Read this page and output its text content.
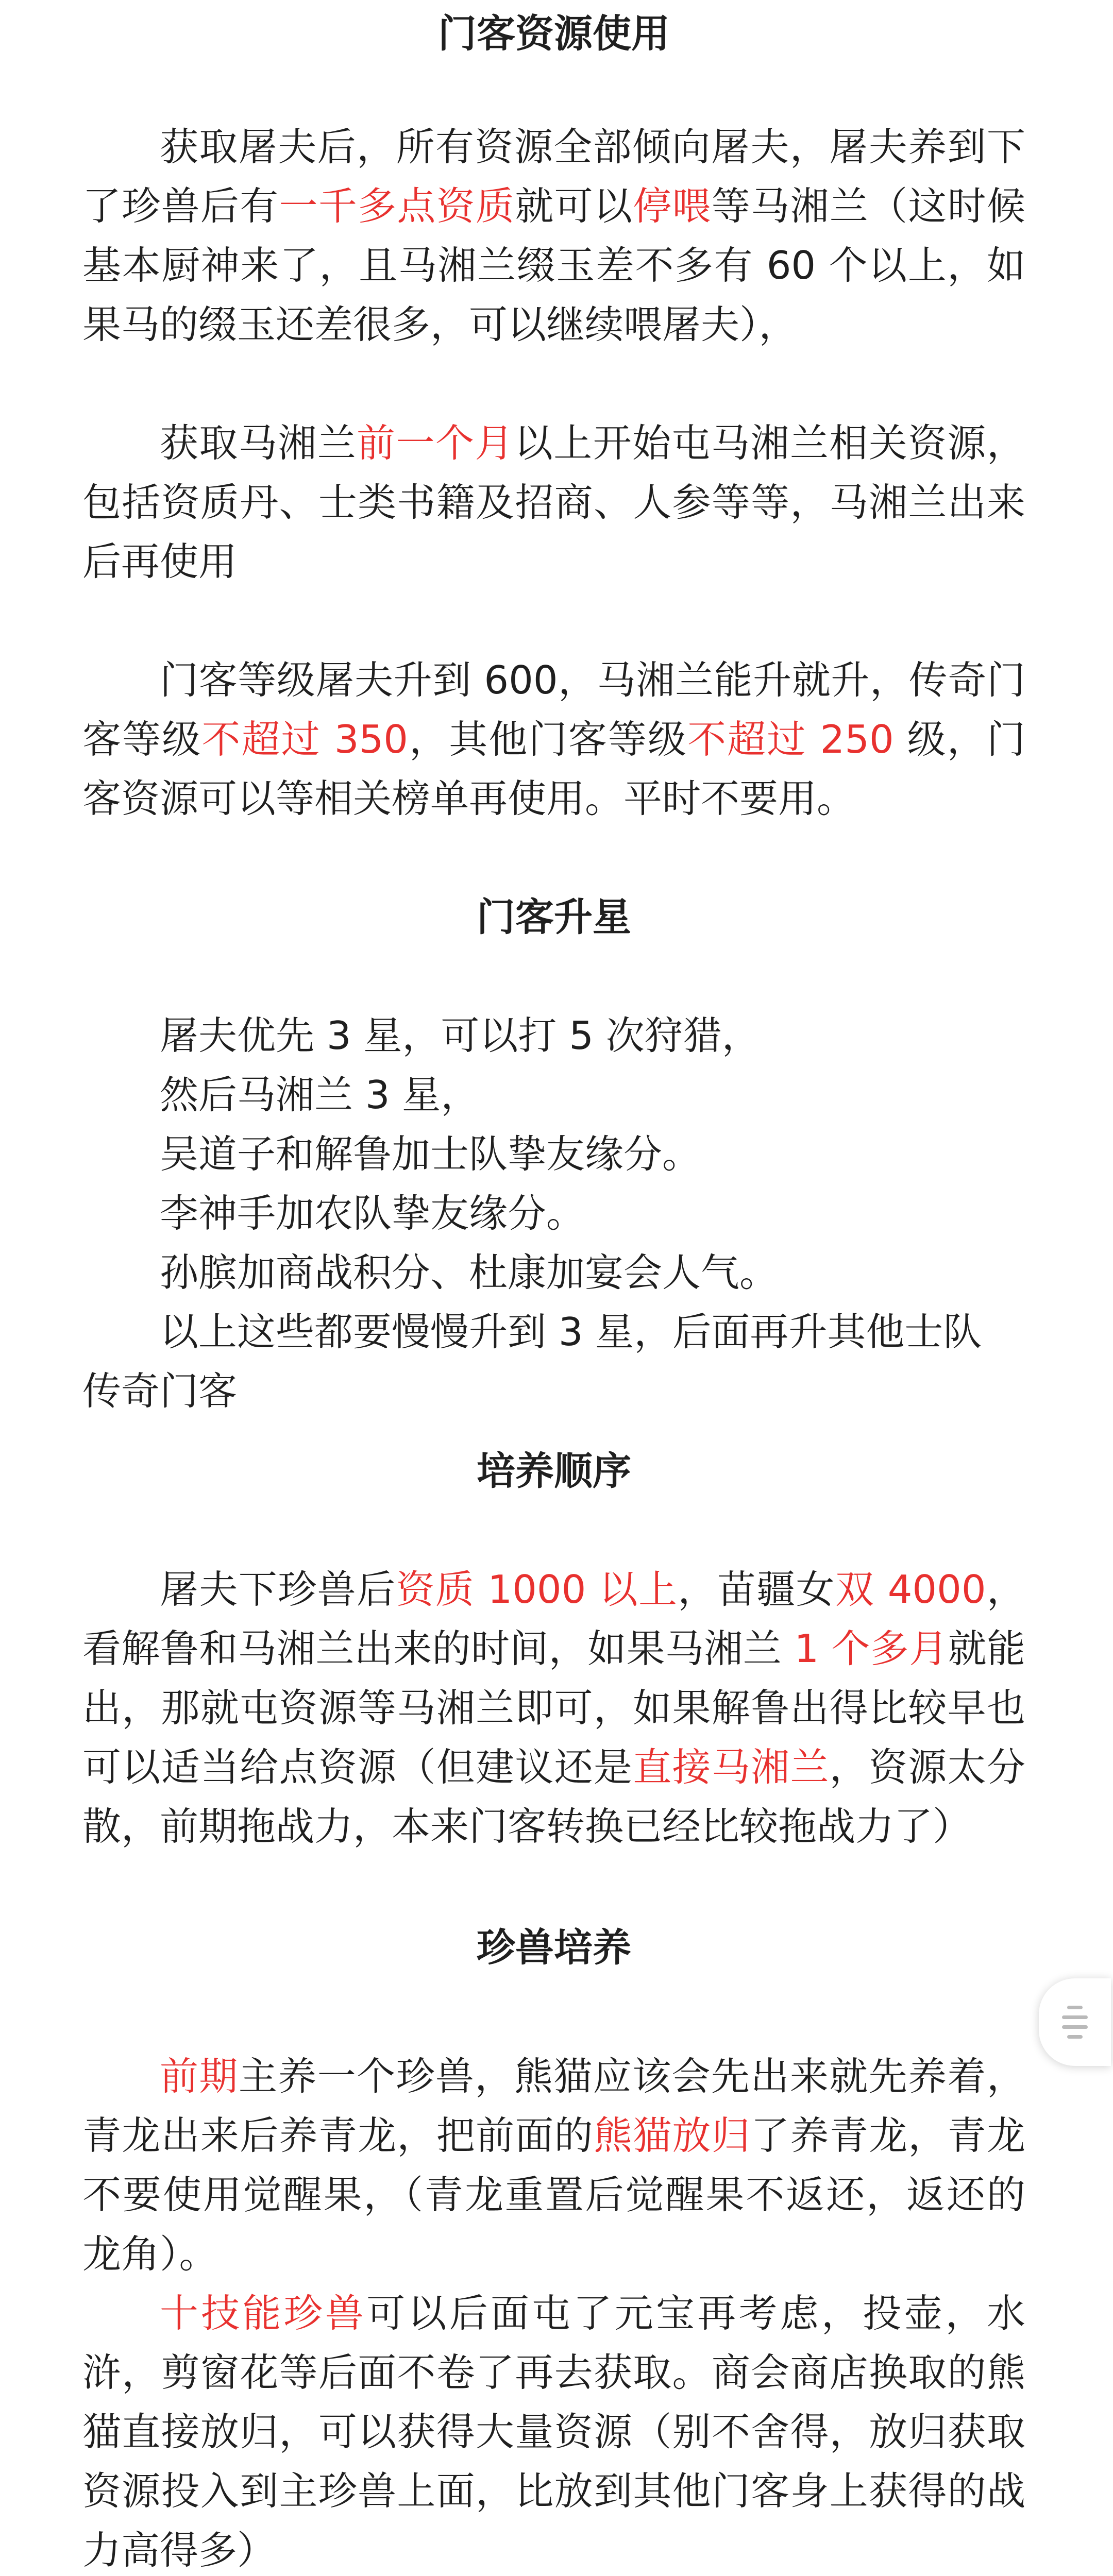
门客资源使用

获取屠夫后，所有资源全部倾向屠夫，屠夫养到下了珍兽后有一千多点资质就可以停喂等马湘兰（这时候基本厨神来了，且马湘兰缀玉差不多有 60 个以上，如果马的缀玉还差很多，可以继续喂屠夫），

获取马湘兰前一个月以上开始屯马湘兰相关资源，包括资质丹、士类书籍及招商、人参等等，马湘兰出来后再使用

门客等级屠夫升到 600，马湘兰能升就升，传奇门客等级不超过 350，其他门客等级不超过 250 级，门客资源可以等相关榜单再使用。平时不要用。

门客升星
屠夫优先 3 星，可以打 5 次狩猎，
然后马湘兰 3 星，
吴道子和解鲁加士队挚友缘分。
李神手加农队挚友缘分。
孙膑加商战积分、杜康加宴会人气。
以上这些都要慢慢升到 3 星，后面再升其他士队
传奇门客
培养顺序

屠夫下珍兽后资质 1000 以上，苗疆女双 4000，看解鲁和马湘兰出来的时间，如果马湘兰 1 个多月就能出，那就屯资源等马湘兰即可，如果解鲁出得比较早也可以适当给点资源（但建议还是直接马湘兰，资源太分散，前期拖战力，本来门客转换已经比较拖战力了）

珍兽培养

前期主养一个珍兽，熊猫应该会先出来就先养着，青龙出来后养青龙，把前面的熊猫放归了养青龙，青龙不要使用觉醒果，（青龙重置后觉醒果不返还，返还的龙角）。

十技能珍兽可以后面屯了元宝再考虑，投壶，水浒，剪窗花等后面不卷了再去获取。商会商店换取的熊猫直接放归，可以获得大量资源（别不舍得，放归获取资源投入到主珍兽上面，比放到其他门客身上获得的战力高得多）
